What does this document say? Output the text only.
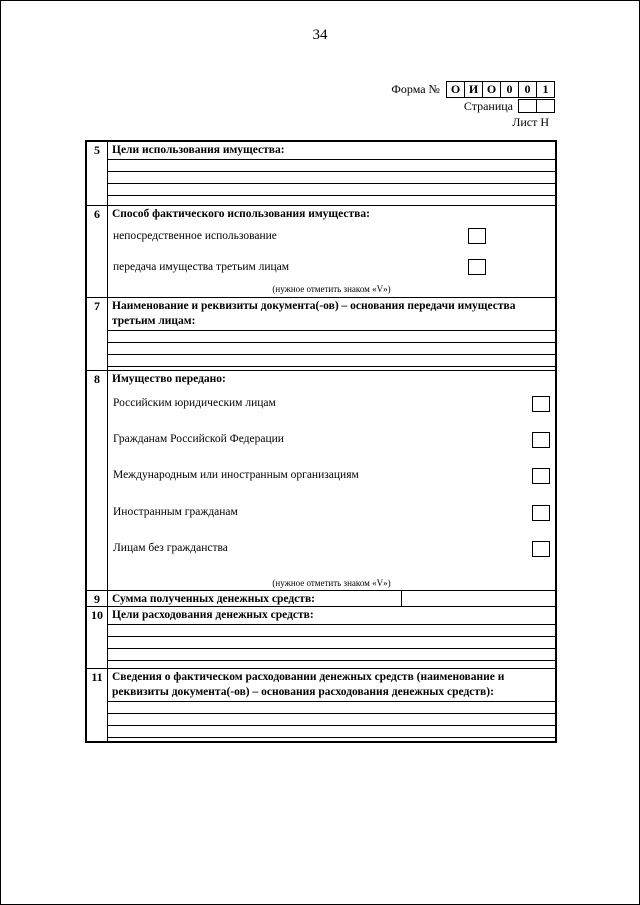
34
Форма № О И О 0	0	1
Страница
Лист Н
5	Цели использования имущества:
6	Способ фактического использования имущества:
непосредственное использование
передача имущества третьим лицам
(нужное отметить знаком «V»)
7	Наименование и реквизиты документа(-ов) – основания передачи имущества третьим лицам:
8	Имущество передано:
Российским юридическим лицам
Гражданам Российской Федерации
Международным или иностранным организациям
Иностранным гражданам
Лицам без гражданства
(нужное отметить знаком «V»)
9	Сумма полученных денежных средств:
10 Цели расходования денежных средств:
11 Сведения о фактическом расходовании денежных средств (наименование и реквизиты документа(-ов) – основания расходования денежных средств):
